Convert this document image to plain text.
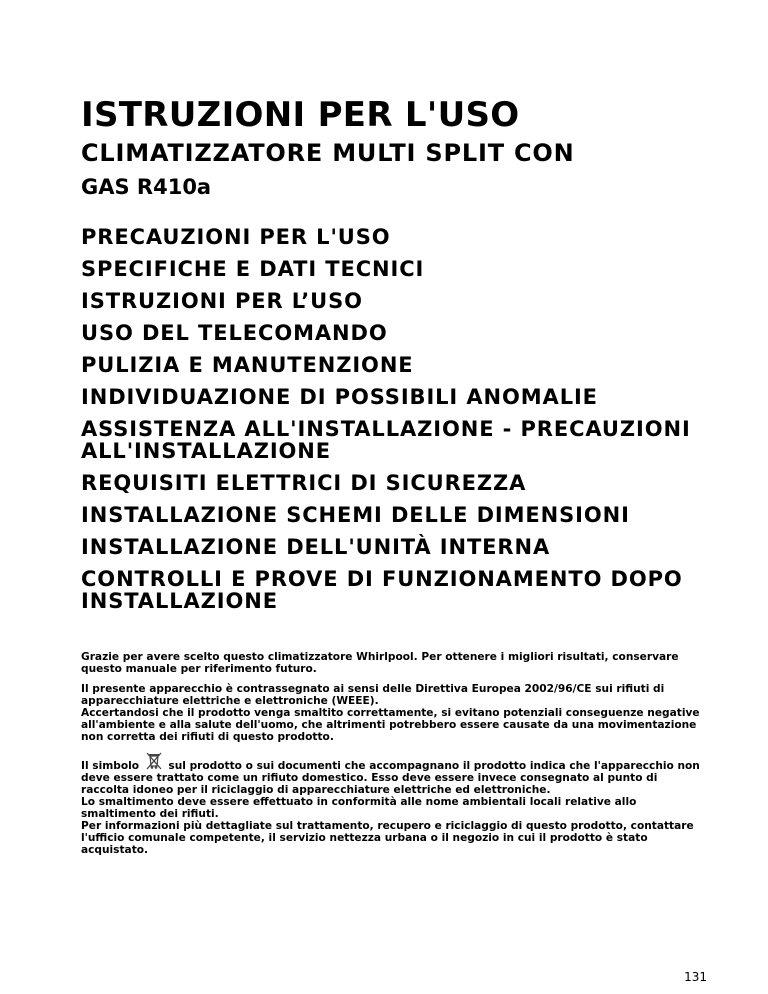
ISTRUZIONI PER L'USO
CLIMATIZZATORE MULTI SPLIT CON
GAS R410a
PRECAUZIONI PER L'USO
SPECIFICHE E DATI TECNICI
ISTRUZIONI PER L’USO
USO DEL TELECOMANDO
PULIZIA E MANUTENZIONE
INDIVIDUAZIONE DI POSSIBILI ANOMALIE
ASSISTENZA ALL'INSTALLAZIONE - PRECAUZIONI ALL'INSTALLAZIONE
REQUISITI ELETTRICI DI SICUREZZA
INSTALLAZIONE SCHEMI DELLE DIMENSIONI
INSTALLAZIONE DELL'UNITÀ INTERNA
CONTROLLI E PROVE DI FUNZIONAMENTO DOPO INSTALLAZIONE

Grazie per avere scelto questo climatizzatore Whirlpool. Per ottenere i migliori risultati, conservare questo manuale per riferimento futuro.

Il presente apparecchio è contrassegnato ai sensi delle Direttiva Europea 2002/96/CE sui rifiuti di apparecchiature elettriche e elettroniche (WEEE).

Accertandosi che il prodotto venga smaltito correttamente, si evitano potenziali conseguenze negative all'ambiente e alla salute dell'uomo, che altrimenti potrebbero essere causate da una movimentazione non corretta dei rifiuti di questo prodotto.

Il simbolo	sul prodotto o sui documenti che accompagnano il prodotto indica che l'apparecchio non deve essere trattato come un rifiuto domestico. Esso deve essere invece consegnato al punto di raccolta idoneo per il riciclaggio di apparecchiature elettriche ed elettroniche.

Lo smaltimento deve essere effettuato in conformità alle nome ambientali locali relative allo smaltimento dei rifiuti.

Per informazioni più dettagliate sul trattamento, recupero e riciclaggio di questo prodotto, contattare l'ufficio comunale competente, il servizio nettezza urbana o il negozio in cui il prodotto è stato acquistato.

131
